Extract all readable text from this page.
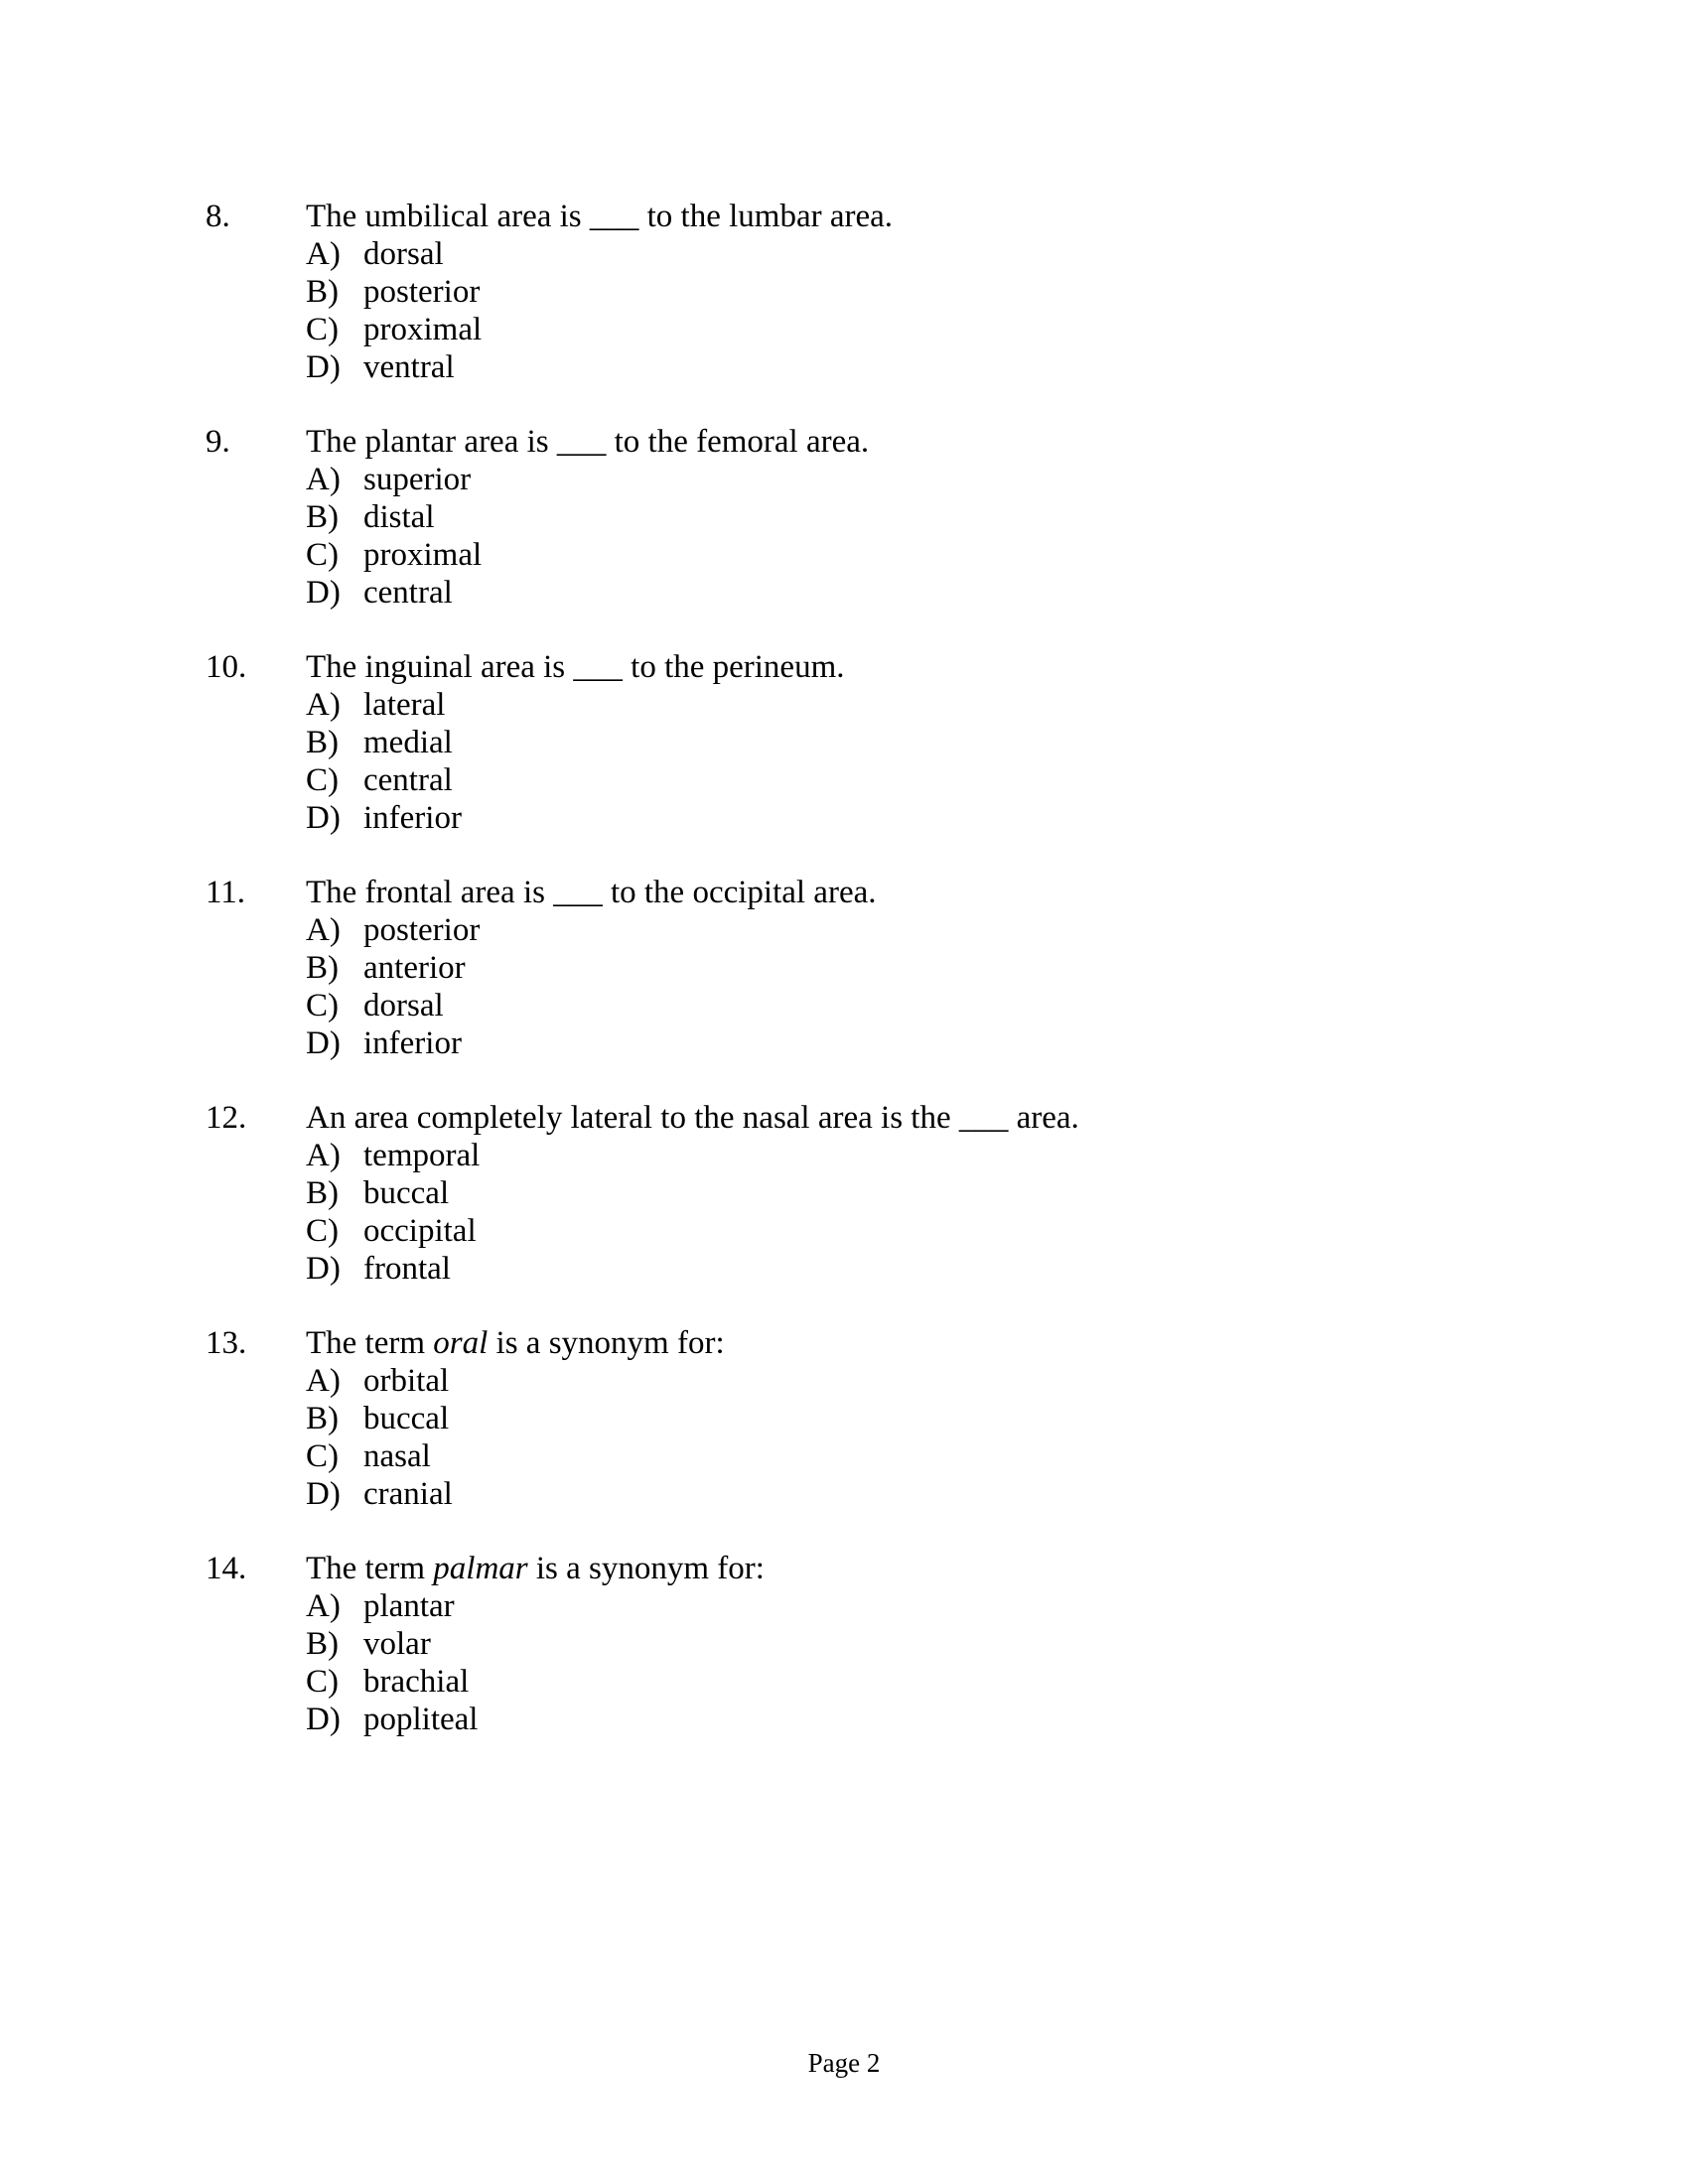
8. The umbilical area is ___ to the lumbar area.
A) dorsal
B) posterior
C) proximal
D) ventral
9. The plantar area is ___ to the femoral area.
A) superior
B) distal
C) proximal
D) central
10. The inguinal area is ___ to the perineum.
A) lateral
B) medial
C) central
D) inferior
11. The frontal area is ___ to the occipital area.
A) posterior
B) anterior
C) dorsal
D) inferior
12. An area completely lateral to the nasal area is the ___ area.
A) temporal
B) buccal
C) occipital
D) frontal
13. The term oral is a synonym for:
A) orbital
B) buccal
C) nasal
D) cranial
14. The term palmar is a synonym for:
A) plantar
B) volar
C) brachial
D) popliteal
Page 2
